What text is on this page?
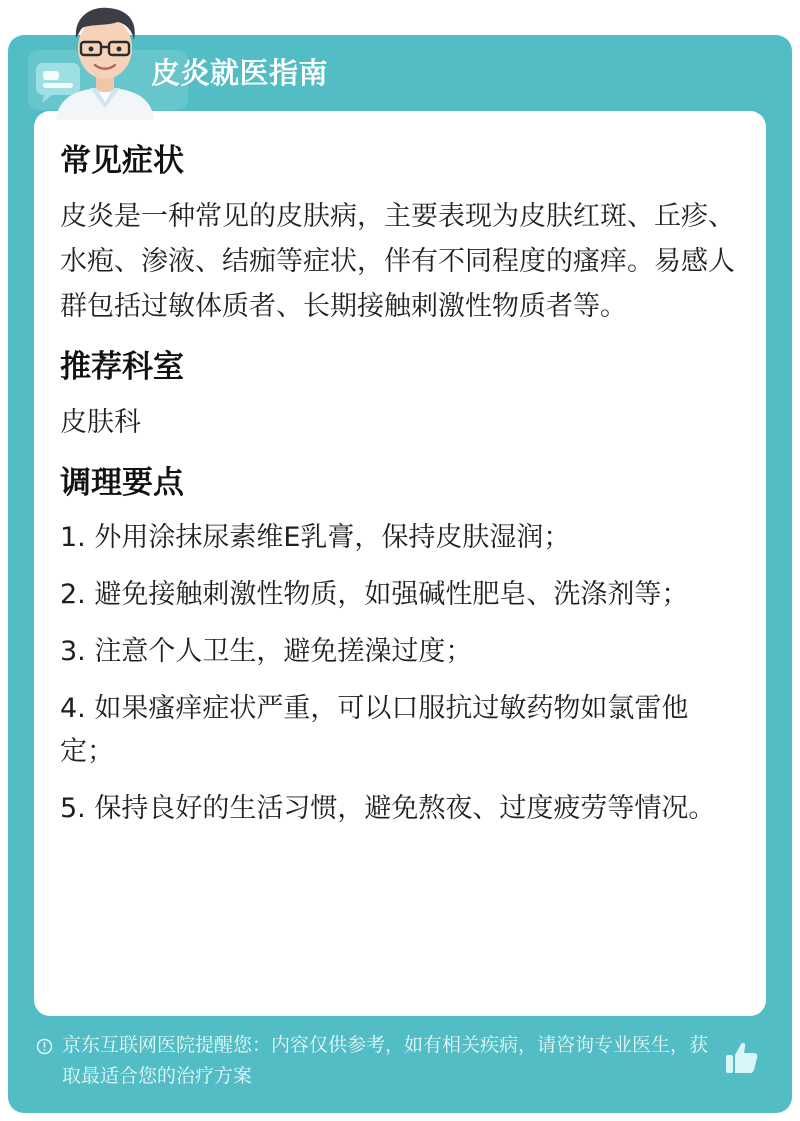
皮炎就医指南
常见症状

皮炎是一种常见的皮肤病，主要表现为皮肤红斑、丘疹、水疱、渗液、结痂等症状，伴有不同程度的瘙痒。易感人群包括过敏体质者、长期接触刺激性物质者等。

推荐科室

皮肤科

调理要点
1. 外用涂抹尿素维E乳膏，保持皮肤湿润；
2. 避免接触刺激性物质，如强碱性肥皂、洗涤剂等；
3. 注意个人卫生，避免搓澡过度；
4. 如果瘙痒症状严重，可以口服抗过敏药物如氯雷他定；
5. 保持良好的生活习惯，避免熬夜、过度疲劳等情况。
京东互联网医院提醒您：内容仅供参考，如有相关疾病，请咨询专业医生，获取最适合您的治疗方案
